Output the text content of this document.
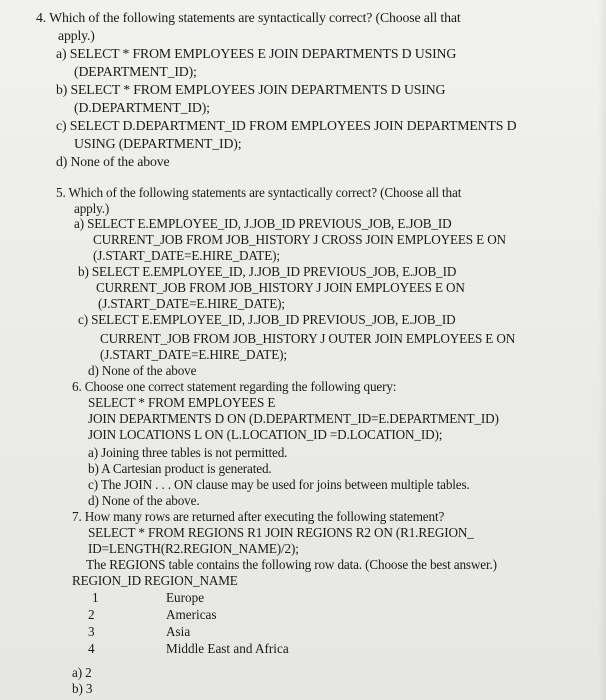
4. Which of the following statements are syntactically correct? (Choose all that
apply.)
a) SELECT * FROM EMPLOYEES E JOIN DEPARTMENTS D USING
(DEPARTMENT_ID);
b) SELECT * FROM EMPLOYEES JOIN DEPARTMENTS D USING
(D.DEPARTMENT_ID);
c) SELECT D.DEPARTMENT_ID FROM EMPLOYEES JOIN DEPARTMENTS D
USING (DEPARTMENT_ID);
d) None of the above
5. Which of the following statements are syntactically correct? (Choose all that
apply.)
a) SELECT E.EMPLOYEE_ID, J.JOB_ID PREVIOUS_JOB, E.JOB_ID
CURRENT_JOB FROM JOB_HISTORY J CROSS JOIN EMPLOYEES E ON
(J.START_DATE=E.HIRE_DATE);
b) SELECT E.EMPLOYEE_ID, J.JOB_ID PREVIOUS_JOB, E.JOB_ID
CURRENT_JOB FROM JOB_HISTORY J JOIN EMPLOYEES E ON
(J.START_DATE=E.HIRE_DATE);
c) SELECT E.EMPLOYEE_ID, J.JOB_ID PREVIOUS_JOB, E.JOB_ID
CURRENT_JOB FROM JOB_HISTORY J OUTER JOIN EMPLOYEES E ON
(J.START_DATE=E.HIRE_DATE);
d) None of the above
6. Choose one correct statement regarding the following query:
SELECT * FROM EMPLOYEES E
JOIN DEPARTMENTS D ON (D.DEPARTMENT_ID=E.DEPARTMENT_ID)
JOIN LOCATIONS L ON (L.LOCATION_ID =D.LOCATION_ID);
a) Joining three tables is not permitted.
b) A Cartesian product is generated.
c) The JOIN . . . ON clause may be used for joins between multiple tables.
d) None of the above.
7. How many rows are returned after executing the following statement?
SELECT * FROM REGIONS R1 JOIN REGIONS R2 ON (R1.REGION_
ID=LENGTH(R2.REGION_NAME)/2);
The REGIONS table contains the following row data. (Choose the best answer.)
REGION_ID REGION_NAME
1	Europe
2	Americas
3	Asia
4	Middle East and Africa
a) 2
b) 3
